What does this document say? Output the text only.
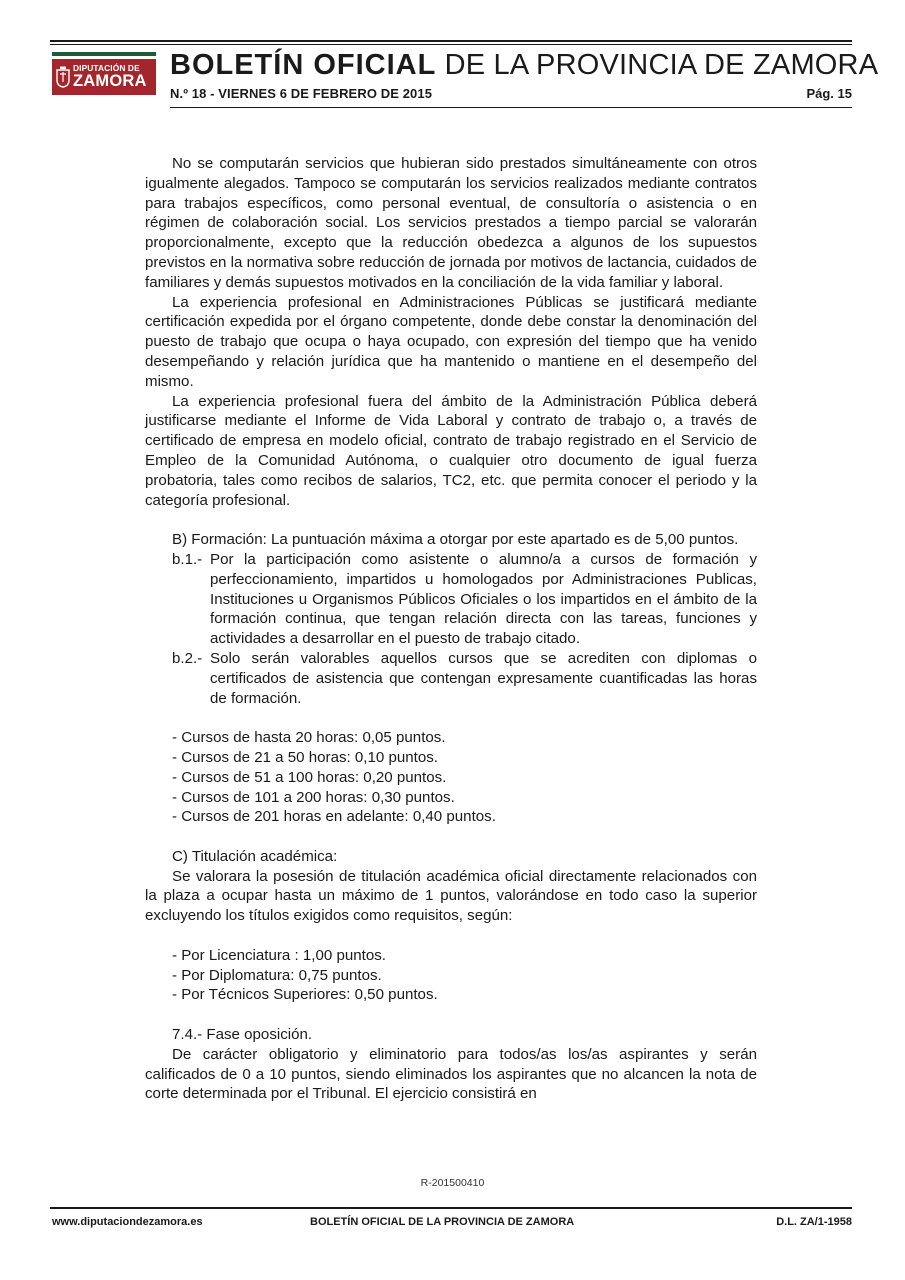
DIPUTACIÓN DE
ZAMORA
BOLETÍN OFICIAL DE LA PROVINCIA DE ZAMORA
N.º 18 - VIERNES 6 DE FEBRERO DE 2015	Pág. 15

No se computarán servicios que hubieran sido prestados simultáneamente con otros igualmente alegados. Tampoco se computarán los servicios realizados mediante contratos para trabajos específicos, como personal eventual, de consultoría o asistencia o en régimen de colaboración social. Los servicios prestados a tiempo parcial se valorarán proporcionalmente, excepto que la reducción obedezca a algunos de los supuestos previstos en la normativa sobre reducción de jornada por motivos de lactancia, cuidados de familiares y demás supuestos motivados en la conciliación de la vida familiar y laboral.

La experiencia profesional en Administraciones Públicas se justificará mediante certificación expedida por el órgano competente, donde debe constar la denominación del puesto de trabajo que ocupa o haya ocupado, con expresión del tiempo que ha venido desempeñando y relación jurídica que ha mantenido o mantiene en el desempeño del mismo.

La experiencia profesional fuera del ámbito de la Administración Pública deberá justificarse mediante el Informe de Vida Laboral y contrato de trabajo o, a través de certificado de empresa en modelo oficial, contrato de trabajo registrado en el Servicio de Empleo de la Comunidad Autónoma, o cualquier otro documento de igual fuerza probatoria, tales como recibos de salarios, TC2, etc. que permita conocer el periodo y la categoría profesional.

B) Formación: La puntuación máxima a otorgar por este apartado es de 5,00 puntos.

b.1.- Por la participación como asistente o alumno/a a cursos de formación y perfeccionamiento, impartidos u homologados por Administraciones Publicas, Instituciones u Organismos Públicos Oficiales o los impartidos en el ámbito de la formación continua, que tengan relación directa con las tareas, funciones y actividades a desarrollar en el puesto de trabajo citado.
b.2.- Solo serán valorables aquellos cursos que se acrediten con diplomas o certificados de asistencia que contengan expresamente cuantificadas las horas de formación.

- Cursos de hasta 20 horas: 0,05 puntos.

- Cursos de 21 a 50 horas: 0,10 puntos.

- Cursos de 51 a 100 horas: 0,20 puntos.

- Cursos de 101 a 200 horas: 0,30 puntos.

- Cursos de 201 horas en adelante: 0,40 puntos.

C) Titulación académica:

Se valorara la posesión de titulación académica oficial directamente relacionados con la plaza a ocupar hasta un máximo de 1 puntos, valorándose en todo caso la superior excluyendo los títulos exigidos como requisitos, según:

- Por Licenciatura : 1,00 puntos.

- Por Diplomatura: 0,75 puntos.

- Por Técnicos Superiores: 0,50 puntos.

7.4.- Fase oposición.

De carácter obligatorio y eliminatorio para todos/as los/as aspirantes y serán calificados de 0 a 10 puntos, siendo eliminados los aspirantes que no alcancen la nota de corte determinada por el Tribunal. El ejercicio consistirá en

R-201500410
www.diputaciondezamora.es	BOLETÍN OFICIAL DE LA PROVINCIA DE ZAMORA	D.L. ZA/1-1958
